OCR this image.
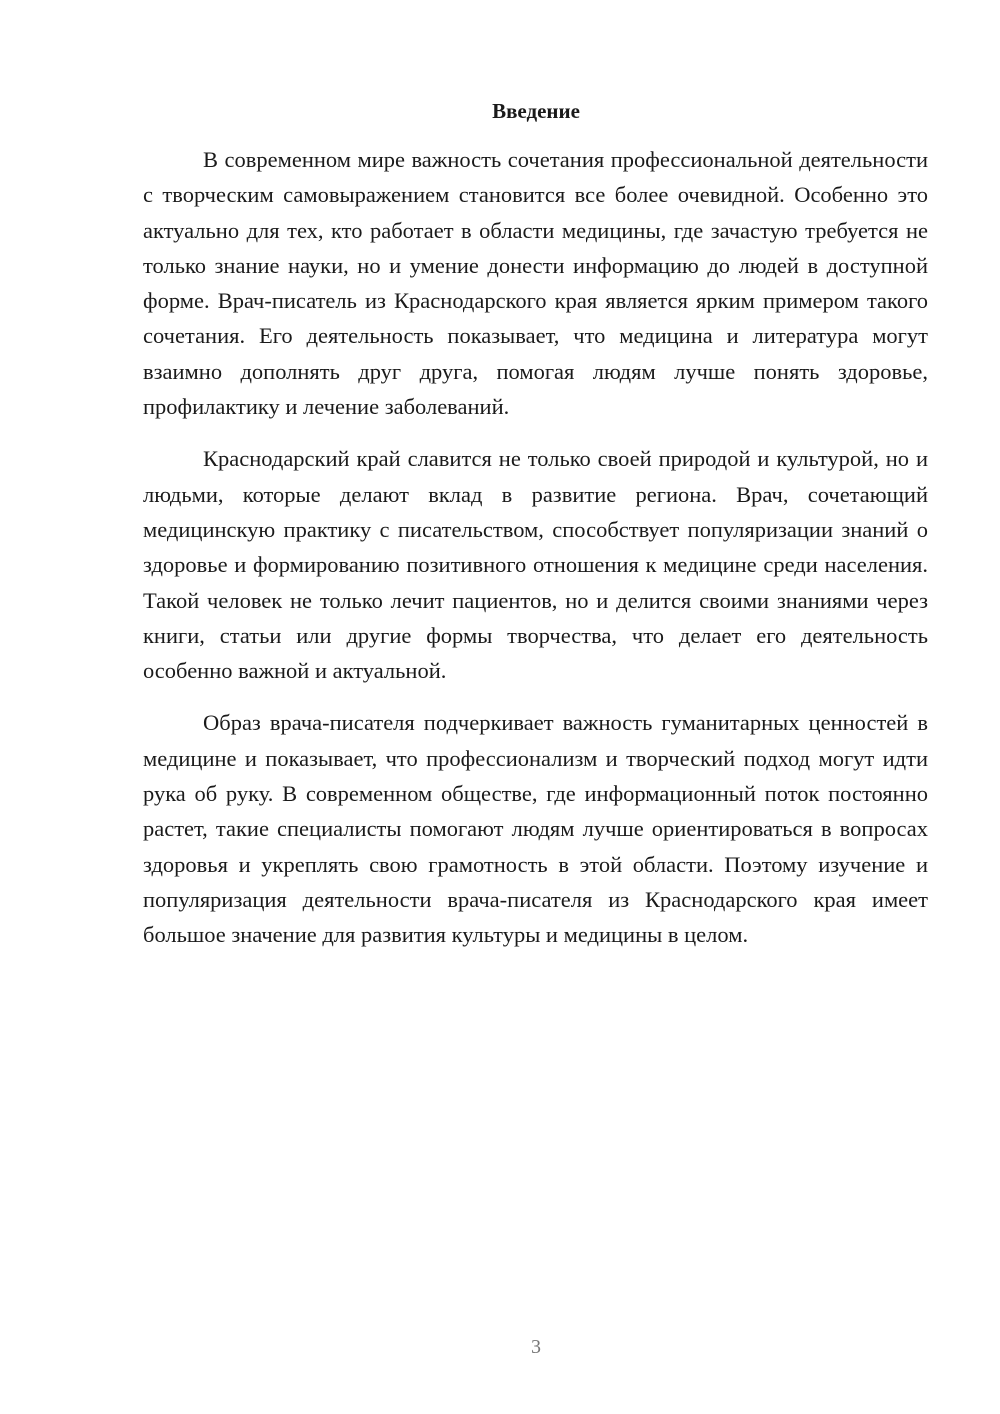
Введение

В современном мире важность сочетания профессиональной деятельности с творческим самовыражением становится все более очевидной. Особенно это актуально для тех, кто работает в области медицины, где зачастую требуется не только знание науки, но и умение донести информацию до людей в доступной форме. Врач-писатель из Краснодарского края является ярким примером такого сочетания. Его деятельность показывает, что медицина и литература могут взаимно дополнять друг друга, помогая людям лучше понять здоровье, профилактику и лечение заболеваний.

Краснодарский край славится не только своей природой и культурой, но и людьми, которые делают вклад в развитие региона. Врач, сочетающий медицинскую практику с писательством, способствует популяризации знаний о здоровье и формированию позитивного отношения к медицине среди населения. Такой человек не только лечит пациентов, но и делится своими знаниями через книги, статьи или другие формы творчества, что делает его деятельность особенно важной и актуальной.

Образ врача-писателя подчеркивает важность гуманитарных ценностей в медицине и показывает, что профессионализм и творческий подход могут идти рука об руку. В современном обществе, где информационный поток постоянно растет, такие специалисты помогают людям лучше ориентироваться в вопросах здоровья и укреплять свою грамотность в этой области. Поэтому изучение и популяризация деятельности врача-писателя из Краснодарского края имеет большое значение для развития культуры и медицины в целом.

3
